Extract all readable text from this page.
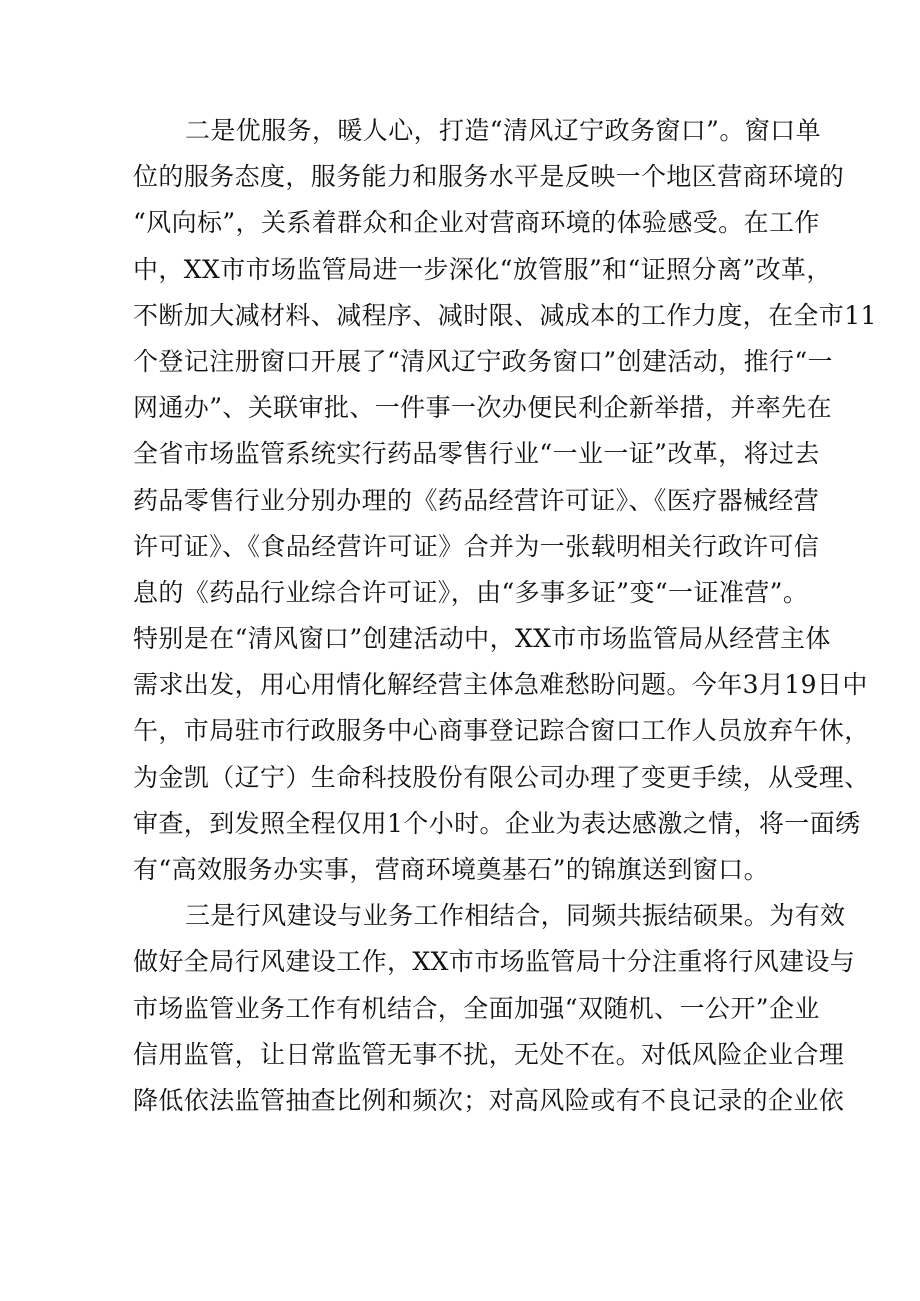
二是优服务，暖人心，打造“清风辽宁政务窗口”。窗口单
位的服务态度，服务能力和服务水平是反映一个地区营商环境的
“风向标”，关系着群众和企业对营商环境的体验感受。在工作
中，XX市市场监管局进一步深化“放管服”和“证照分离”改革，
不断加大减材料、减程序、减时限、减成本的工作力度，在全市11
个登记注册窗口开展了“清风辽宁政务窗口”创建活动，推行“一
网通办”、关联审批、一件事一次办便民利企新举措，并率先在
全省市场监管系统实行药品零售行业“一业一证”改革，将过去
药品零售行业分别办理的《药品经营许可证》、《医疗器械经营
许可证》、《食品经营许可证》合并为一张载明相关行政许可信
息的《药品行业综合许可证》，由“多事多证”变“一证准营”。
特别是在“清风窗口”创建活动中，XX市市场监管局从经营主体
需求出发，用心用情化解经营主体急难愁盼问题。今年3月19日中
午，市局驻市行政服务中心商事登记踪合窗口工作人员放弃午休，
为金凯（辽宁）生命科技股份有限公司办理了变更手续，从受理、
审查，到发照全程仅用1个小时。企业为表达感激之情，将一面绣
有“高效服务办实事，营商环境奠基石”的锦旗送到窗口。
三是行风建设与业务工作相结合，同频共振结硕果。为有效
做好全局行风建设工作，XX市市场监管局十分注重将行风建设与
市场监管业务工作有机结合，全面加强“双随机、一公开”企业
信用监管，让日常监管无事不扰，无处不在。对低风险企业合理
降低依法监管抽查比例和频次；对高风险或有不良记录的企业依
